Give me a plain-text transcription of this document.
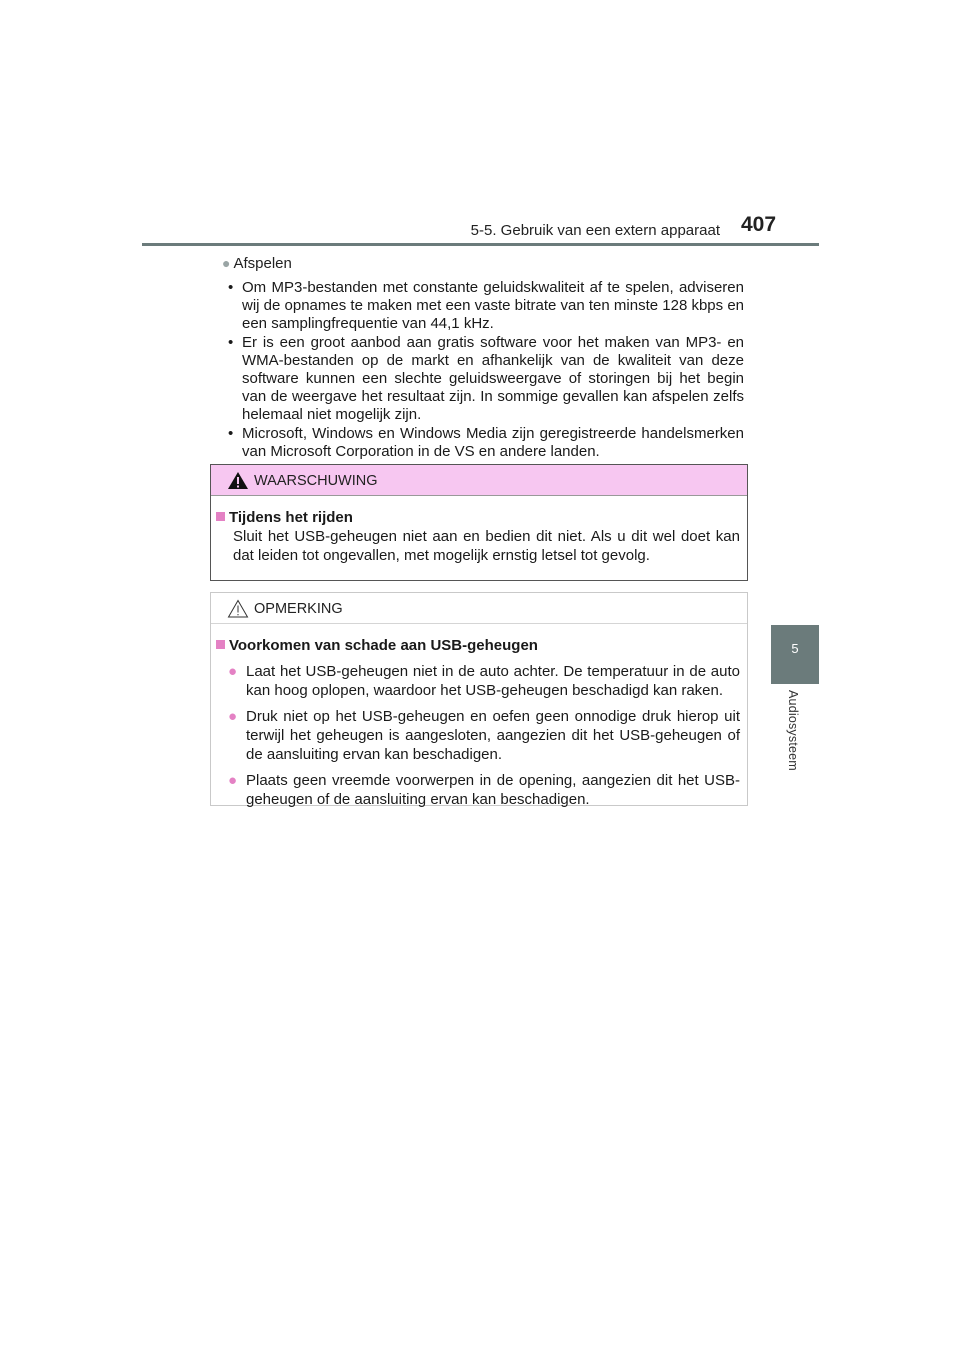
5-5. Gebruik van een extern apparaat 407
5
Audiosysteem
● Afspelen
• Om MP3-bestanden met constante geluidskwaliteit af te spelen, adviseren wij de opnames te maken met een vaste bitrate van ten minste 128 kbps en een samplingfrequentie van 44,1 kHz.
• Er is een groot aanbod aan gratis software voor het maken van MP3- en WMA-bestanden op de markt en afhankelijk van de kwaliteit van deze software kunnen een slechte geluidsweergave of storingen bij het begin van de weergave het resultaat zijn. In sommige gevallen kan afspelen zelfs helemaal niet mogelijk zijn.
• Microsoft, Windows en Windows Media zijn geregistreerde handelsmerken van Microsoft Corporation in de VS en andere landen.
WAARSCHUWING
Tijdens het rijden
Sluit het USB-geheugen niet aan en bedien dit niet. Als u dit wel doet kan dat leiden tot ongevallen, met mogelijk ernstig letsel tot gevolg.
OPMERKING
Voorkomen van schade aan USB-geheugen
● Laat het USB-geheugen niet in de auto achter. De temperatuur in de auto kan hoog oplopen, waardoor het USB-geheugen beschadigd kan raken.
● Druk niet op het USB-geheugen en oefen geen onnodige druk hierop uit terwijl het geheugen is aangesloten, aangezien dit het USB-geheugen of de aansluiting ervan kan beschadigen.
● Plaats geen vreemde voorwerpen in de opening, aangezien dit het USB-geheugen of de aansluiting ervan kan beschadigen.
